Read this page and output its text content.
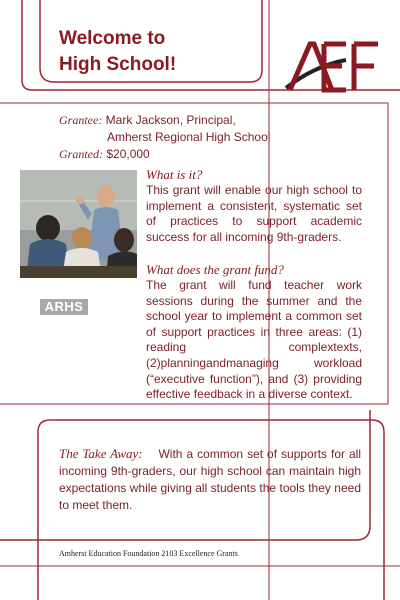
Welcome to
High School!
Grantee: Mark Jackson, Principal,
Amherst Regional High School
Granted: $20,000
ARHS
What is it?

This grant will enable our high school to implement a consistent, systematic set of practices to support academic success for all incoming 9th-graders.

What does the grant fund?

The grant will fund teacher work sessions during the summer and the school year to implement a common set of support practices in three areas: (1) reading complextexts,(2)planningandmanaging workload (“executive function”), and (3) providing effective feedback in a diverse context.

The Take Away: With a common set of supports for all incoming 9th-graders, our high school can maintain high expectations while giving all students the tools they need to meet them.
Amherst Education Foundation 2103 Excellence Grants
